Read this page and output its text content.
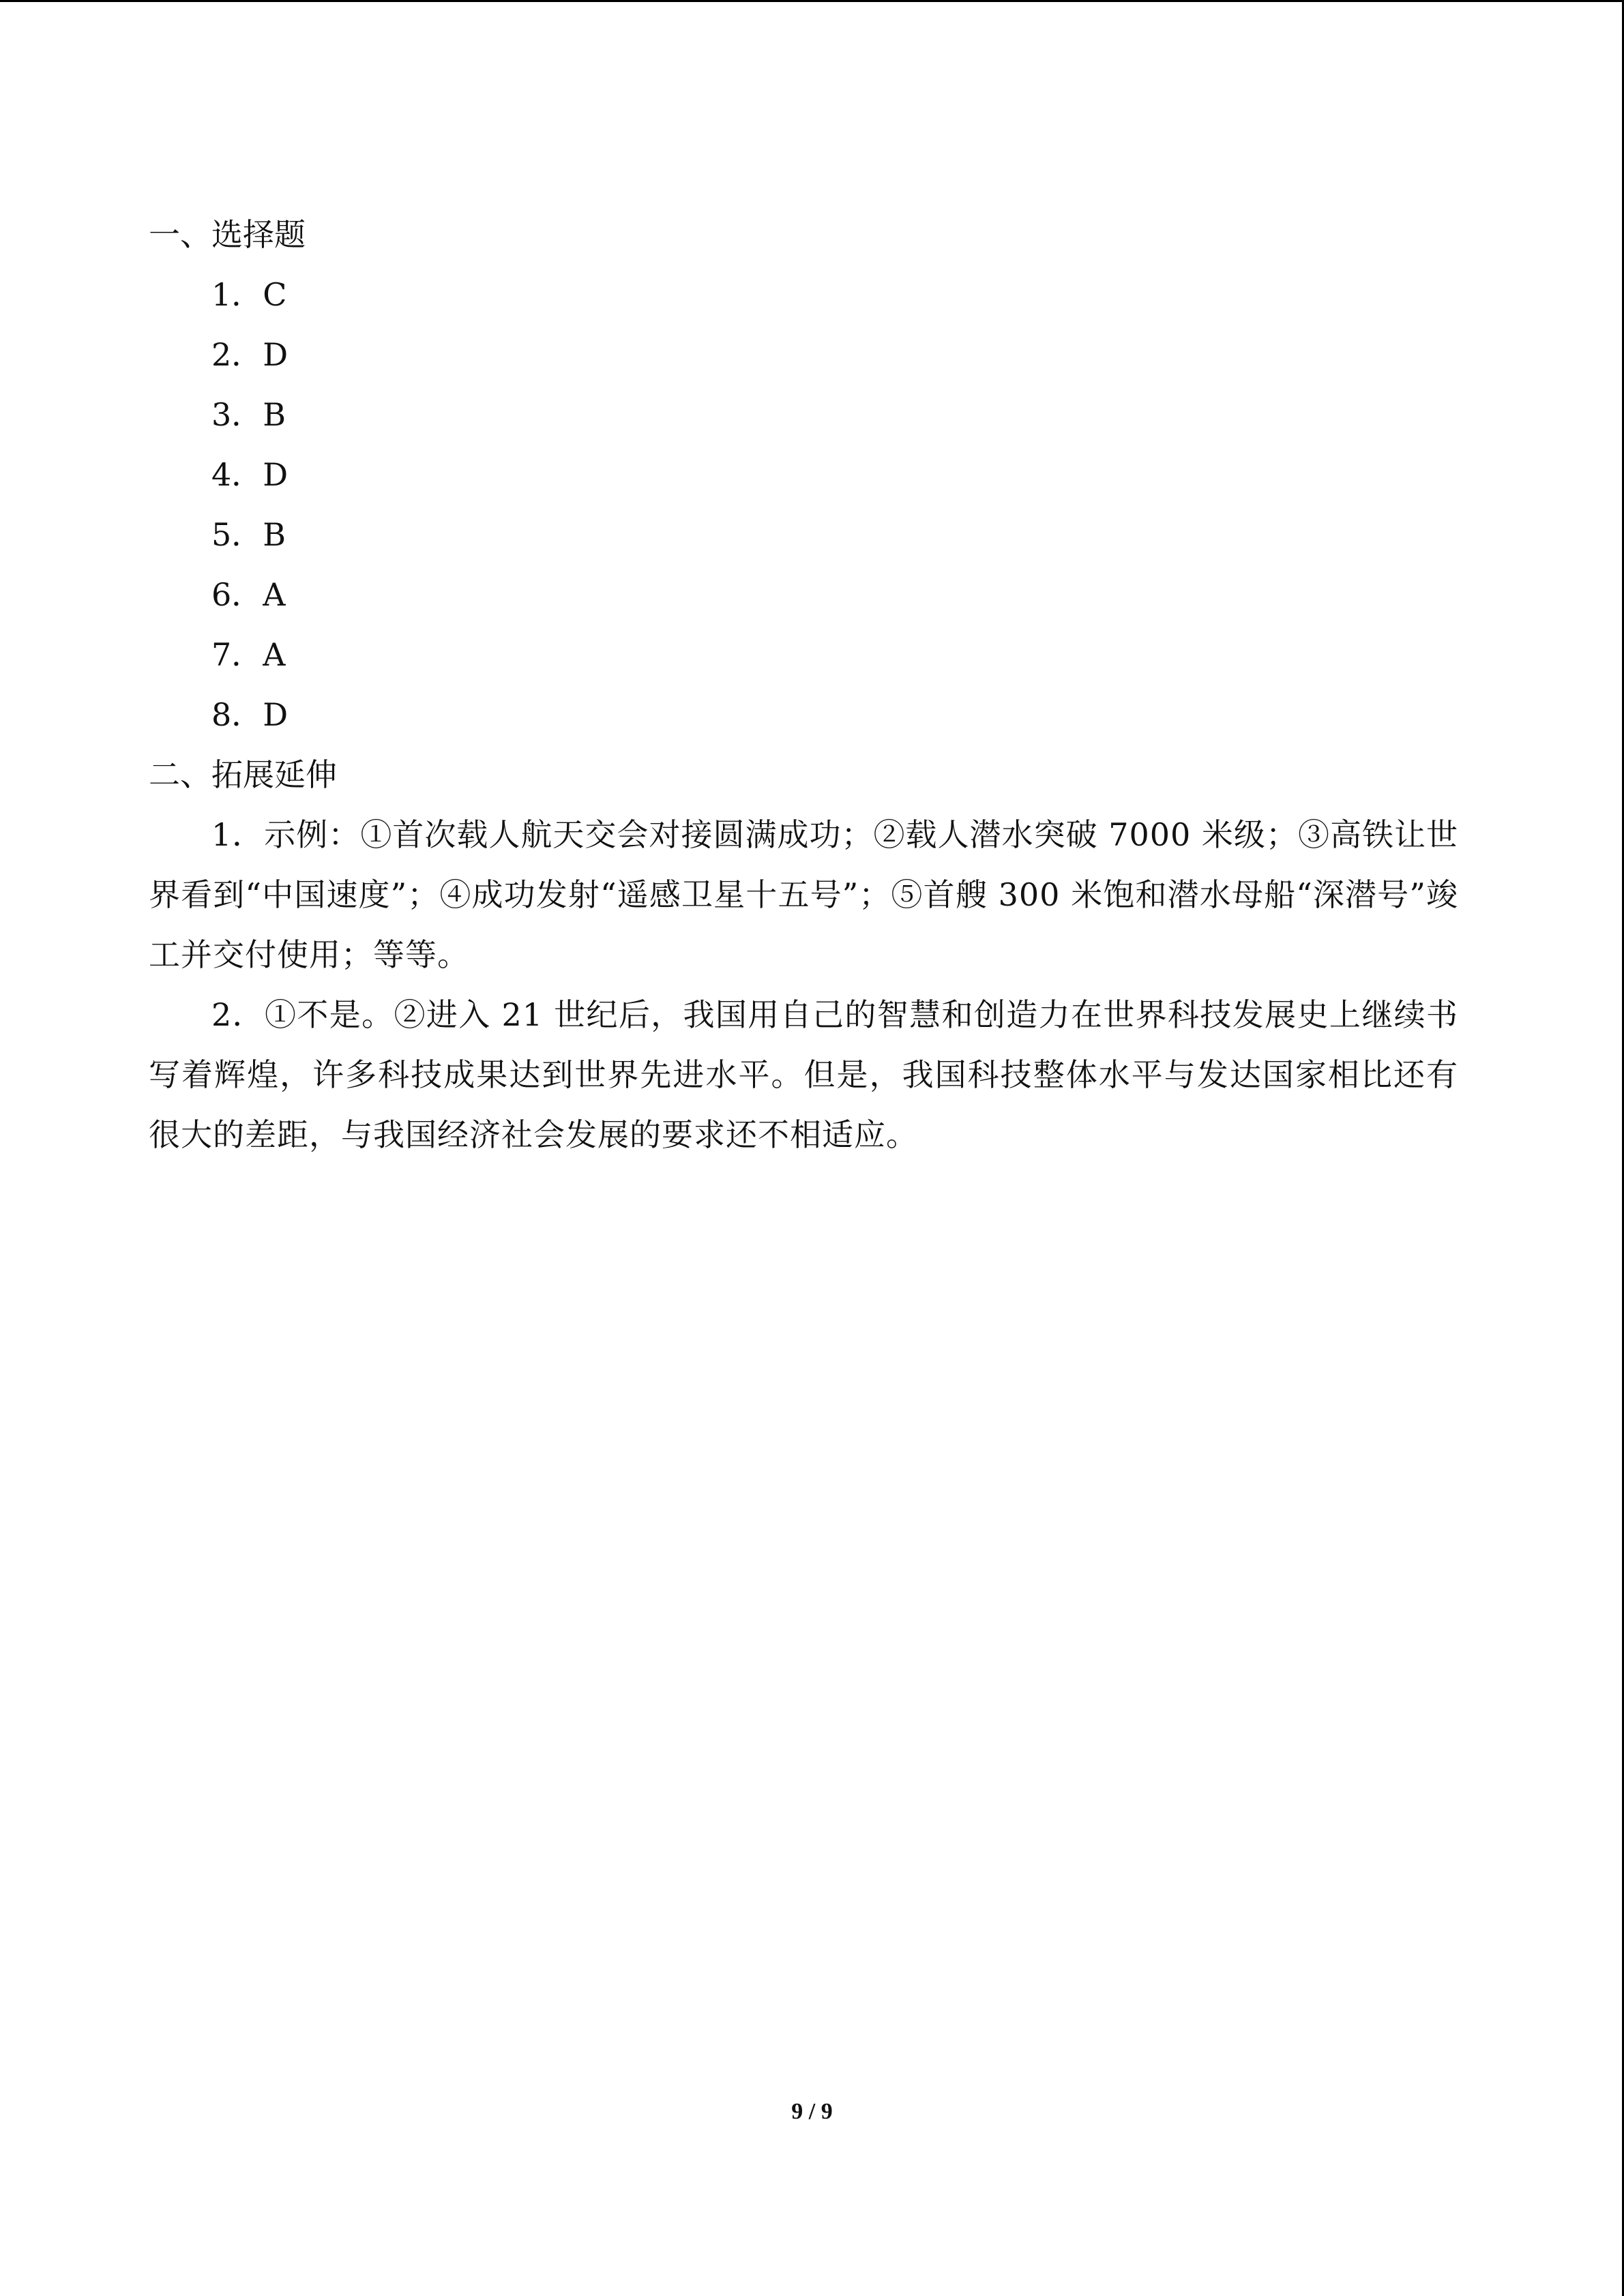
一、选择题
1．C
2．D
3．B
4．D
5．B
6．A
7．A
8．D
二、拓展延伸

1．示例：①首次载人航天交会对接圆满成功；②载人潜水突破 7000 米级；③高铁让世界看到“中国速度”；④成功发射“遥感卫星十五号”；⑤首艘 300 米饱和潜水母船“深潜号”竣工并交付使用；等等。

2．①不是。②进入 21 世纪后，我国用自己的智慧和创造力在世界科技发展史上继续书写着辉煌，许多科技成果达到世界先进水平。但是，我国科技整体水平与发达国家相比还有很大的差距，与我国经济社会发展的要求还不相适应。

9 / 9
